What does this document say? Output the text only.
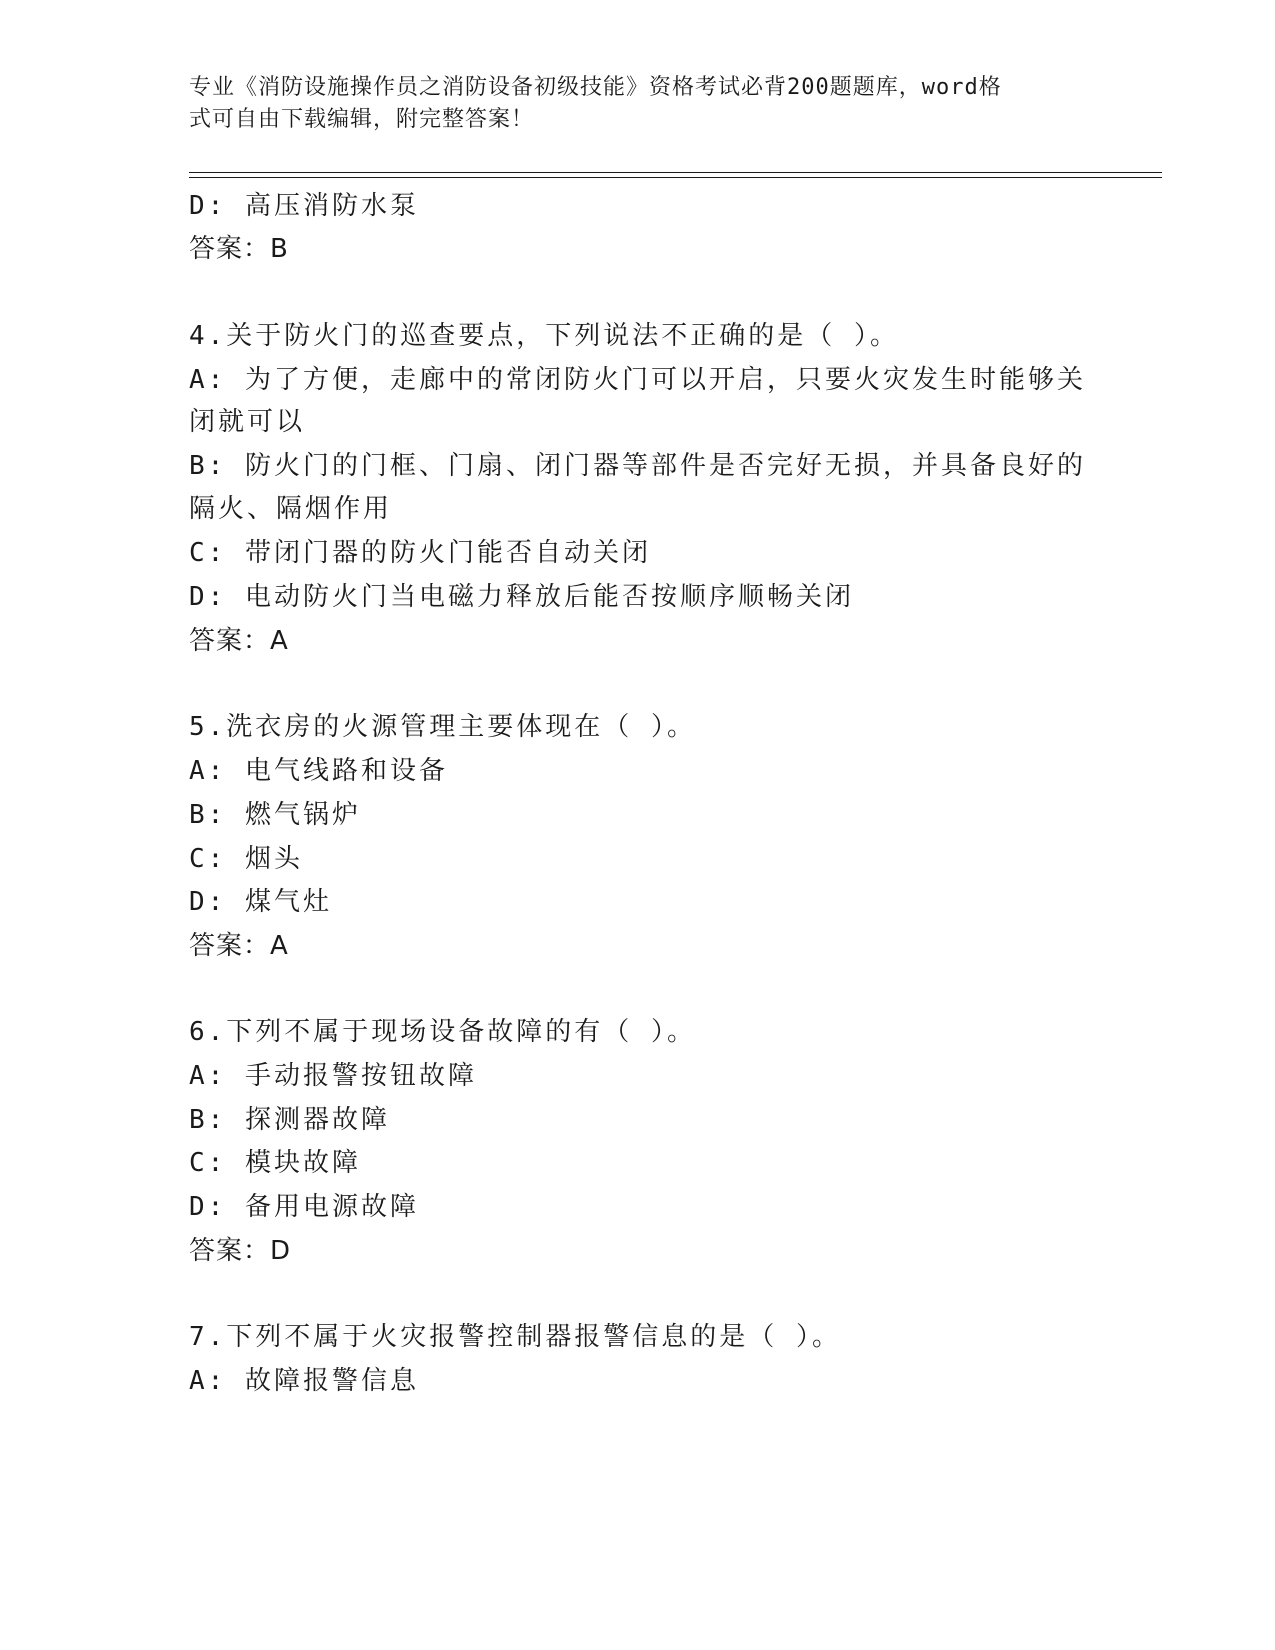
专业《消防设施操作员之消防设备初级技能》资格考试必背200题题库，word格
式可自由下载编辑，附完整答案！
D: 高压消防水泵
答案：B
4.关于防火门的巡查要点，下列说法不正确的是（ ）。
A: 为了方便，走廊中的常闭防火门可以开启，只要火灾发生时能够关
闭就可以
B: 防火门的门框、门扇、闭门器等部件是否完好无损，并具备良好的
隔火、隔烟作用
C: 带闭门器的防火门能否自动关闭
D: 电动防火门当电磁力释放后能否按顺序顺畅关闭
答案：A
5.洗衣房的火源管理主要体现在（ ）。
A: 电气线路和设备
B: 燃气锅炉
C: 烟头
D: 煤气灶
答案：A
6.下列不属于现场设备故障的有（ ）。
A: 手动报警按钮故障
B: 探测器故障
C: 模块故障
D: 备用电源故障
答案：D
7.下列不属于火灾报警控制器报警信息的是（ ）。
A: 故障报警信息
